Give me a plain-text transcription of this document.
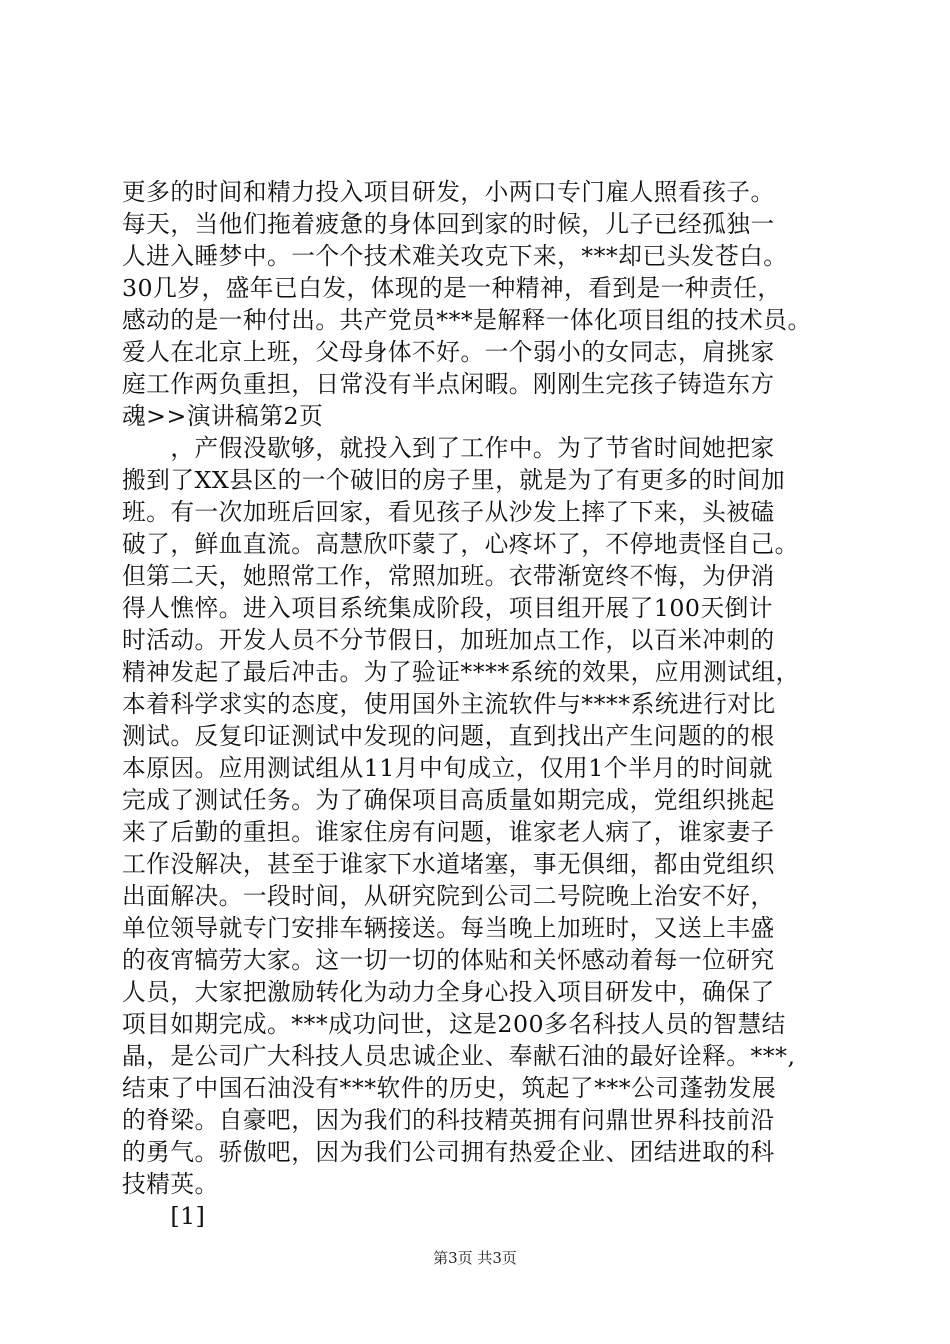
更多的时间和精力投入项目研发，小两口专门雇人照看孩子。
每天，当他们拖着疲惫的身体回到家的时候，儿子已经孤独一
人进入睡梦中。一个个技术难关攻克下来，***却已头发苍白。
30几岁，盛年已白发，体现的是一种精神，看到是一种责任，
感动的是一种付出。共产党员***是解释一体化项目组的技术员。
爱人在北京上班，父母身体不好。一个弱小的女同志，肩挑家
庭工作两负重担，日常没有半点闲暇。刚刚生完孩子铸造东方
魂>>演讲稿第2页
　　，产假没歇够，就投入到了工作中。为了节省时间她把家
搬到了XX县区的一个破旧的房子里，就是为了有更多的时间加
班。有一次加班后回家，看见孩子从沙发上摔了下来，头被磕
破了，鲜血直流。高慧欣吓蒙了，心疼坏了，不停地责怪自己。
但第二天，她照常工作，常照加班。衣带渐宽终不悔，为伊消
得人憔悴。进入项目系统集成阶段，项目组开展了100天倒计
时活动。开发人员不分节假日，加班加点工作，以百米冲刺的
精神发起了最后冲击。为了验证****系统的效果，应用测试组，
本着科学求实的态度，使用国外主流软件与****系统进行对比
测试。反复印证测试中发现的问题，直到找出产生问题的的根
本原因。应用测试组从11月中旬成立，仅用1个半月的时间就
完成了测试任务。为了确保项目高质量如期完成，党组织挑起
来了后勤的重担。谁家住房有问题，谁家老人病了，谁家妻子
工作没解决，甚至于谁家下水道堵塞，事无俱细，都由党组织
出面解决。一段时间，从研究院到公司二号院晚上治安不好，
单位领导就专门安排车辆接送。每当晚上加班时，又送上丰盛
的夜宵犒劳大家。这一切一切的体贴和关怀感动着每一位研究
人员，大家把激励转化为动力全身心投入项目研发中，确保了
项目如期完成。***成功问世，这是200多名科技人员的智慧结
晶，是公司广大科技人员忠诚企业、奉献石油的最好诠释。***,
结束了中国石油没有***软件的历史，筑起了***公司蓬勃发展
的脊梁。自豪吧，因为我们的科技精英拥有问鼎世界科技前沿
的勇气。骄傲吧，因为我们公司拥有热爱企业、团结进取的科
技精英。
　　[1]
第3页 共3页
